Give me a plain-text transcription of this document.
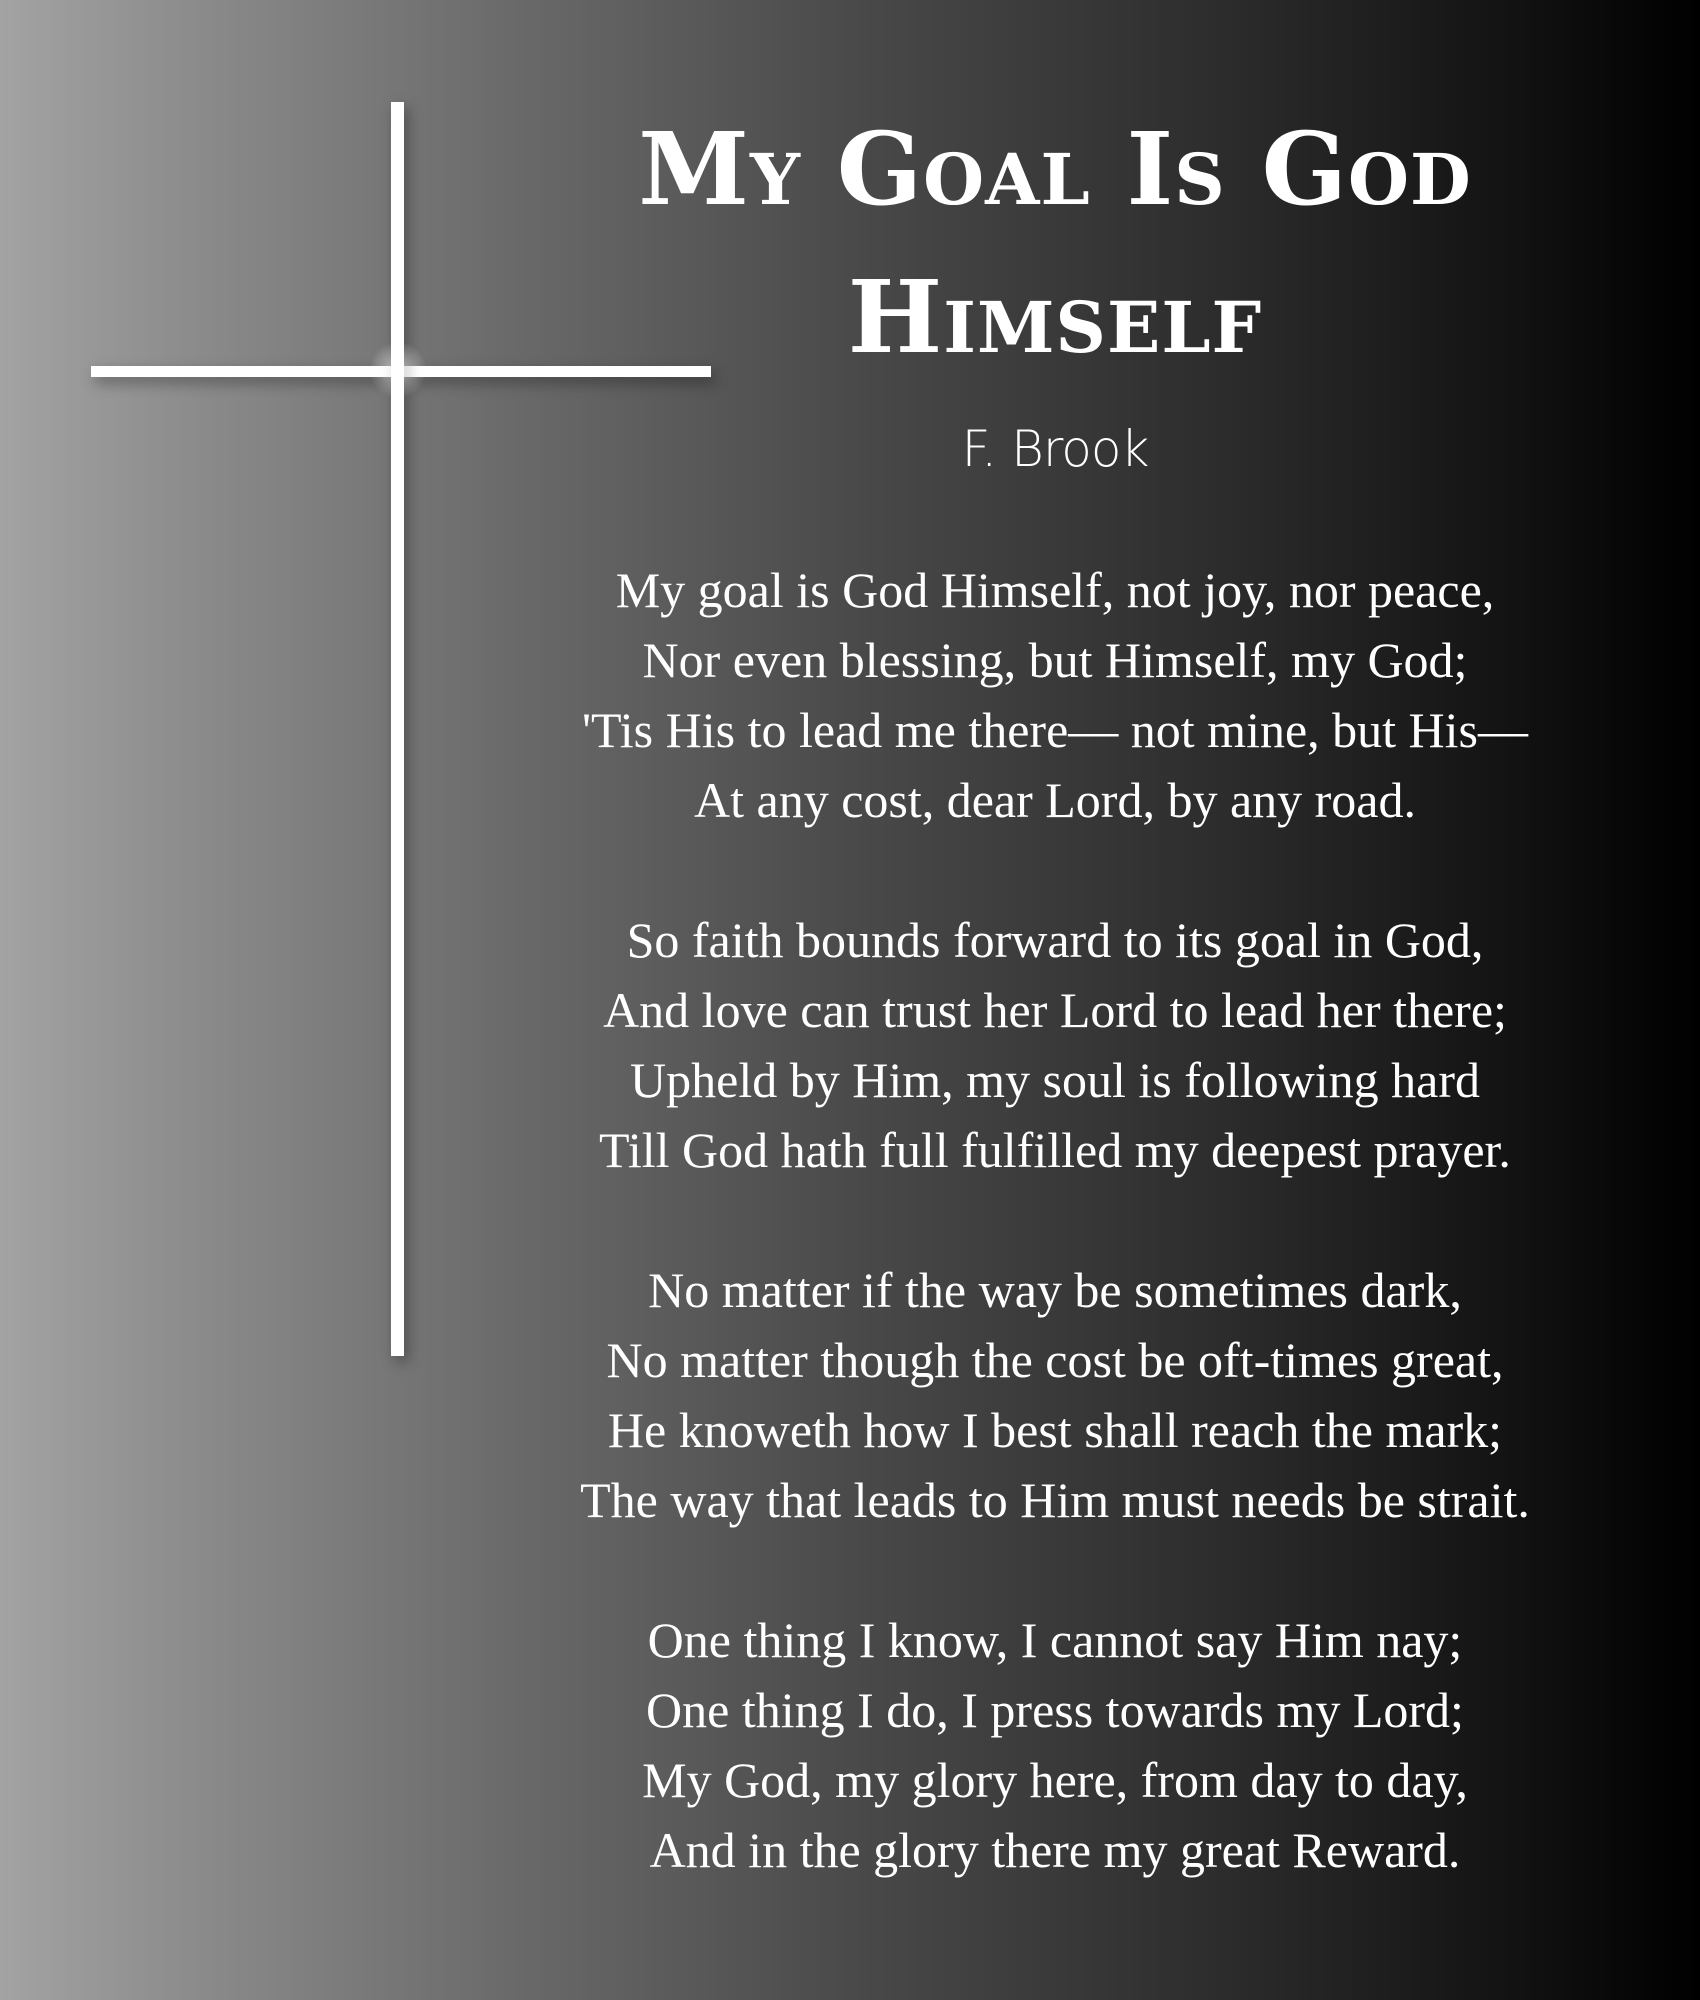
My Goal Is God
Himself
F. Brook
My goal is God Himself, not joy, nor peace,
Nor even blessing, but Himself, my God;
'Tis His to lead me there— not mine, but His—
At any cost, dear Lord, by any road.
So faith bounds forward to its goal in God,
And love can trust her Lord to lead her there;
Upheld by Him, my soul is following hard
Till God hath full fulfilled my deepest prayer.
No matter if the way be sometimes dark,
No matter though the cost be oft-times great,
He knoweth how I best shall reach the mark;
The way that leads to Him must needs be strait.
One thing I know, I cannot say Him nay;
One thing I do, I press towards my Lord;
My God, my glory here, from day to day,
And in the glory there my great Reward.
